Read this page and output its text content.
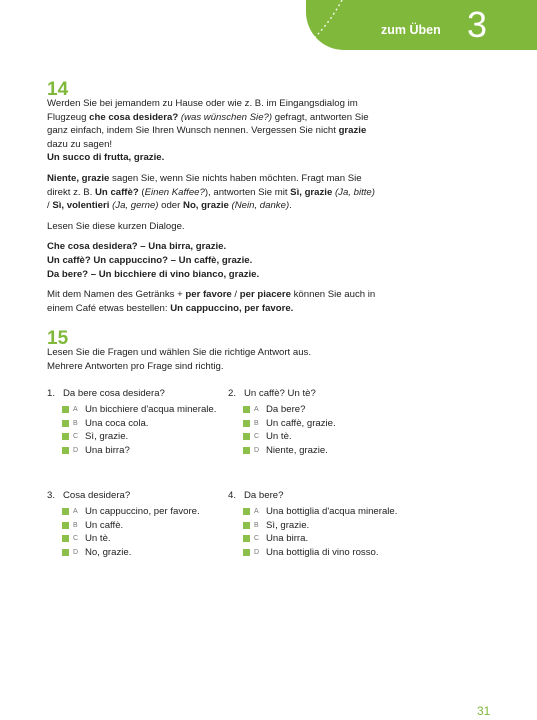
zum Üben 3
14

Werden Sie bei jemandem zu Hause oder wie z. B. im Eingangsdialog im Flugzeug che cosa desidera? (was wünschen Sie?) gefragt, antworten Sie ganz einfach, indem Sie Ihren Wunsch nennen. Vergessen Sie nicht grazie dazu zu sagen!

Un succo di frutta, grazie.

Niente, grazie sagen Sie, wenn Sie nichts haben möchten. Fragt man Sie direkt z. B. Un caffè? (Einen Kaffee?), antworten Sie mit Sì, grazie (Ja, bitte) / Sì, volentieri (Ja, gerne) oder No, grazie (Nein, danke).

Lesen Sie diese kurzen Dialoge.

Che cosa desidera? – Una birra, grazie.

Un caffè? Un cappuccino? – Un caffè, grazie.

Da bere? – Un bicchiere di vino bianco, grazie.

Mit dem Namen des Getränks + per favore / per piacere können Sie auch in einem Café etwas bestellen: Un cappuccino, per favore.

15
Lesen Sie die Fragen und wählen Sie die richtige Antwort aus. Mehrere Antworten pro Frage sind richtig.
1. Da bere cosa desidera?
A Un bicchiere d'acqua minerale.
B Una coca cola.
C Sì, grazie.
D Una birra?
2. Un caffè? Un tè?
A Da bere?
B Un caffè, grazie.
C Un tè.
D Niente, grazie.
3. Cosa desidera?
A Un cappuccino, per favore.
B Un caffè.
C Un tè.
D No, grazie.
4. Da bere?
A Una bottiglia d'acqua minerale.
B Sì, grazie.
C Una birra.
D Una bottiglia di vino rosso.
31
